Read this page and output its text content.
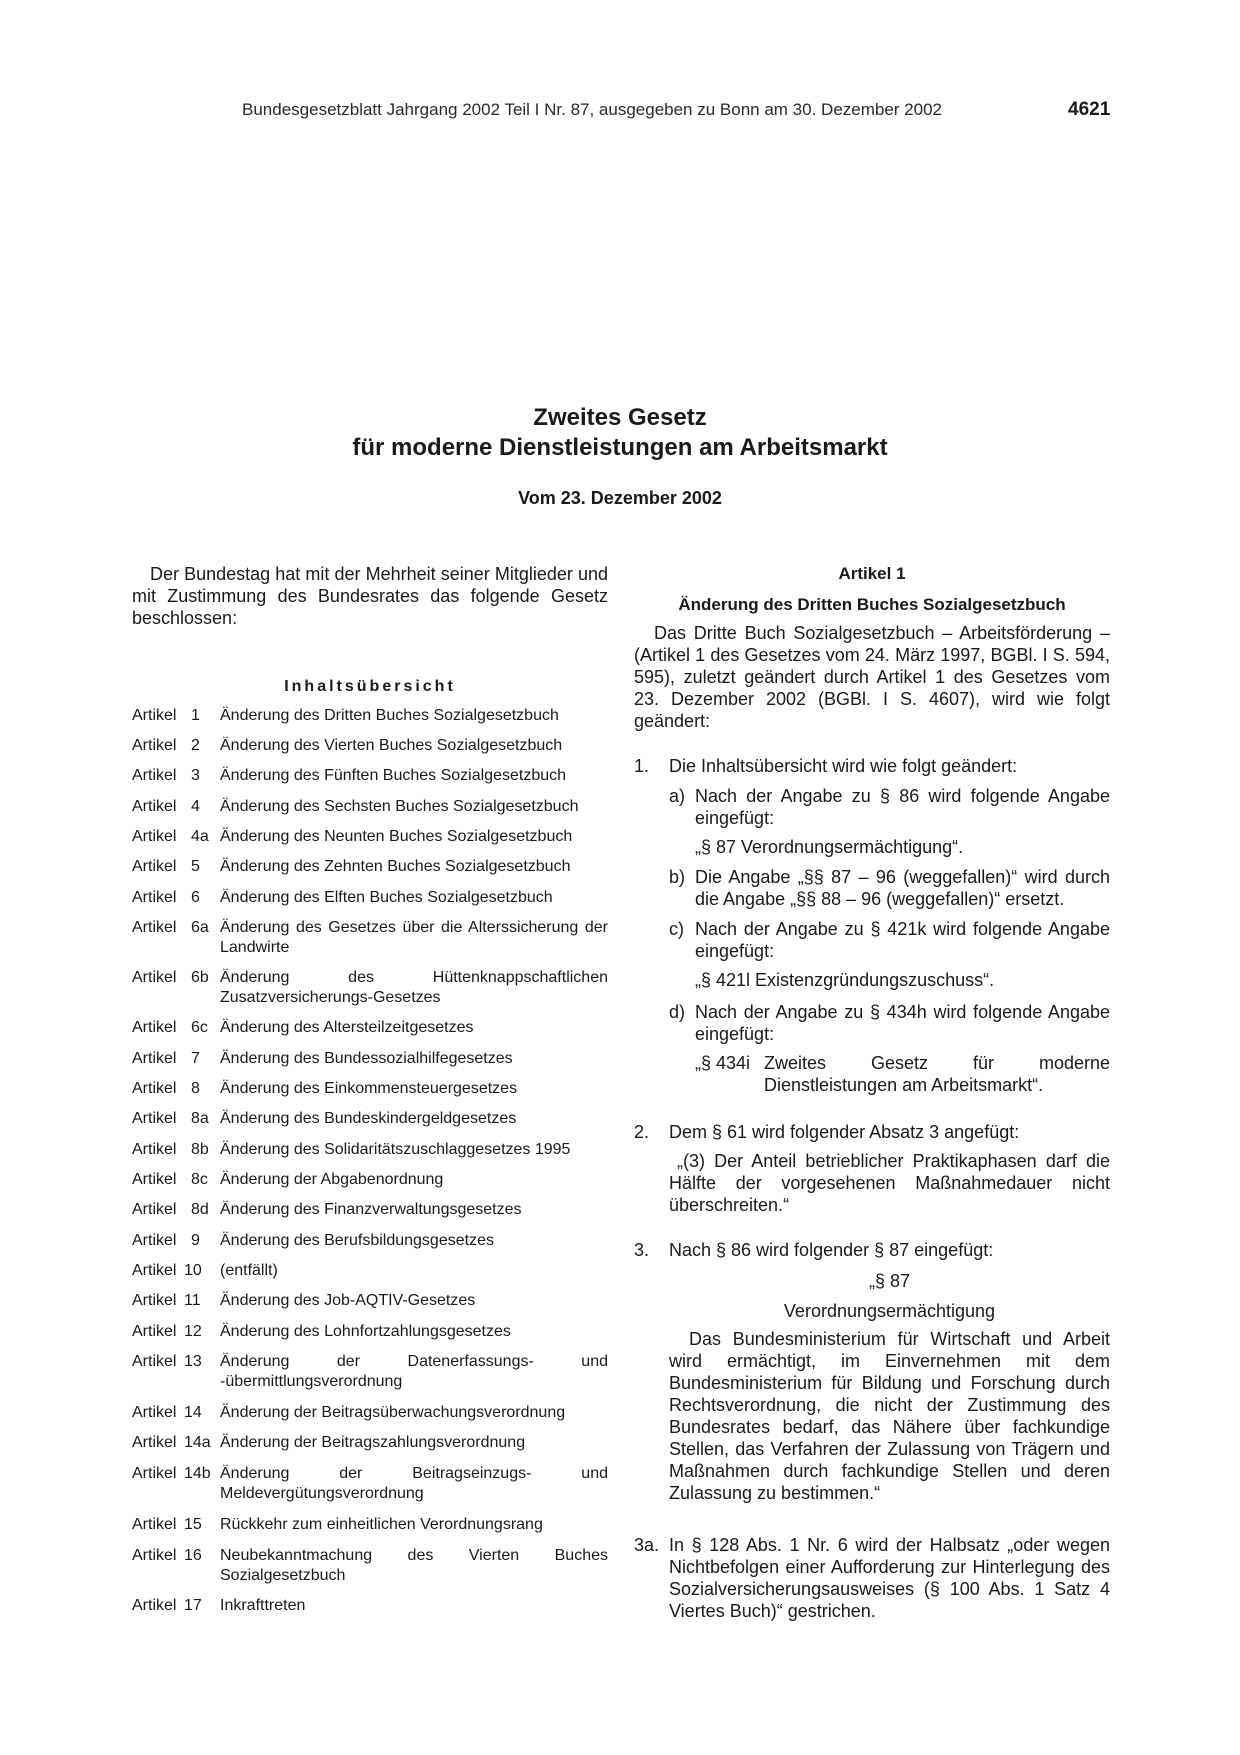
Bundesgesetzblatt Jahrgang 2002 Teil I Nr. 87, ausgegeben zu Bonn am 30. Dezember 2002	4621
Zweites Gesetz
für moderne Dienstleistungen am Arbeitsmarkt
Vom 23. Dezember 2002
Der Bundestag hat mit der Mehrheit seiner Mitglieder und mit Zustimmung des Bundesrates das folgende Gesetz beschlossen:
Inhaltsübersicht
Artikel 1	Änderung des Dritten Buches Sozialgesetzbuch
Artikel 2	Änderung des Vierten Buches Sozialgesetzbuch
Artikel 3	Änderung des Fünften Buches Sozialgesetzbuch
Artikel 4	Änderung des Sechsten Buches Sozialgesetzbuch
Artikel 4a Änderung des Neunten Buches Sozialgesetzbuch
Artikel 5	Änderung des Zehnten Buches Sozialgesetzbuch
Artikel 6	Änderung des Elften Buches Sozialgesetzbuch
Artikel 6a Änderung des Gesetzes über die Alterssicherung der Landwirte
Artikel 6b Änderung des Hüttenknappschaftlichen Zusatzversicherungs-Gesetzes
Artikel 6c Änderung des Altersteilzeitgesetzes
Artikel 7	Änderung des Bundessozialhilfegesetzes
Artikel 8	Änderung des Einkommensteuergesetzes
Artikel 8a Änderung des Bundeskindergeldgesetzes
Artikel 8b Änderung des Solidaritätszuschlaggesetzes 1995
Artikel 8c Änderung der Abgabenordnung
Artikel 8d Änderung des Finanzverwaltungsgesetzes
Artikel 9	Änderung des Berufsbildungsgesetzes
Artikel 10	(entfällt)
Artikel 11	Änderung des Job-AQTIV-Gesetzes
Artikel 12	Änderung des Lohnfortzahlungsgesetzes
Artikel 13	Änderung der Datenerfassungs- und -übermittlungsverordnung
Artikel 14	Änderung der Beitragsüberwachungsverordnung
Artikel 14a Änderung der Beitragszahlungsverordnung
Artikel 14b Änderung der Beitragseinzugs- und Meldevergütungsverordnung
Artikel 15	Rückkehr zum einheitlichen Verordnungsrang
Artikel 16	Neubekanntmachung des Vierten Buches Sozialgesetzbuch
Artikel 17	Inkrafttreten
Artikel 1
Änderung des Dritten Buches Sozialgesetzbuch
Das Dritte Buch Sozialgesetzbuch – Arbeitsförderung – (Artikel 1 des Gesetzes vom 24. März 1997, BGBl. I S. 594, 595), zuletzt geändert durch Artikel 1 des Gesetzes vom 23. Dezember 2002 (BGBl. I S. 4607), wird wie folgt geändert:
1. Die Inhaltsübersicht wird wie folgt geändert:
a) Nach der Angabe zu § 86 wird folgende Angabe eingefügt:
„§ 87 Verordnungsermächtigung“.
b) Die Angabe „§§ 87 – 96 (weggefallen)“ wird durch die Angabe „§§ 88 – 96 (weggefallen)“ ersetzt.
c) Nach der Angabe zu § 421k wird folgende Angabe eingefügt:
„§ 421l Existenzgründungszuschuss“.
d) Nach der Angabe zu § 434h wird folgende Angabe eingefügt:
„§ 434i Zweites Gesetz für moderne Dienstleistungen am Arbeitsmarkt“.
2. Dem § 61 wird folgender Absatz 3 angefügt:
„(3) Der Anteil betrieblicher Praktikaphasen darf die Hälfte der vorgesehenen Maßnahmedauer nicht überschreiten.“
3. Nach § 86 wird folgender § 87 eingefügt:
„§ 87
Verordnungsermächtigung
Das Bundesministerium für Wirtschaft und Arbeit wird ermächtigt, im Einvernehmen mit dem Bundesministerium für Bildung und Forschung durch Rechtsverordnung, die nicht der Zustimmung des Bundesrates bedarf, das Nähere über fachkundige Stellen, das Verfahren der Zulassung von Trägern und Maßnahmen durch fachkundige Stellen und deren Zulassung zu bestimmen.“
3a. In § 128 Abs. 1 Nr. 6 wird der Halbsatz „oder wegen Nichtbefolgen einer Aufforderung zur Hinterlegung des Sozialversicherungsausweises (§ 100 Abs. 1 Satz 4 Viertes Buch)“ gestrichen.
